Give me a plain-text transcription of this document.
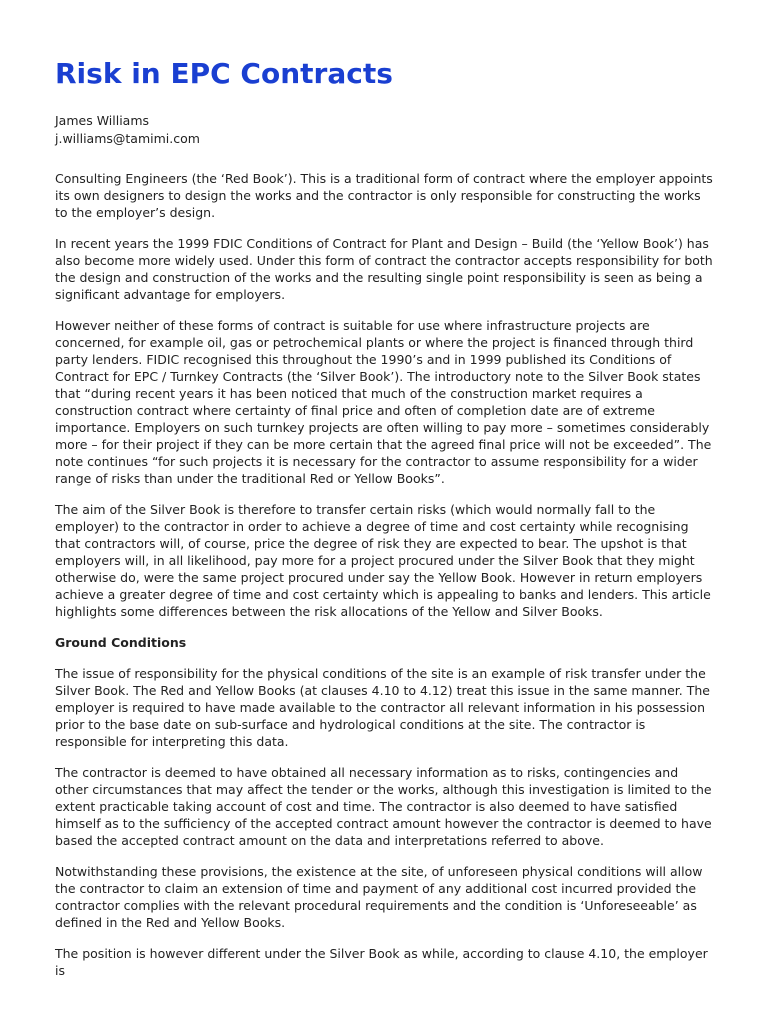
Risk in EPC Contracts
James Williams
j.williams@tamimi.com

Consulting Engineers (the ‘Red Book’). This is a traditional form of contract where the employer appoints its own designers to design the works and the contractor is only responsible for constructing the works to the employer’s design.

In recent years the 1999 FDIC Conditions of Contract for Plant and Design – Build (the ‘Yellow Book’) has also become more widely used. Under this form of contract the contractor accepts responsibility for both the design and construction of the works and the resulting single point responsibility is seen as being a significant advantage for employers.

However neither of these forms of contract is suitable for use where infrastructure projects are concerned, for example oil, gas or petrochemical plants or where the project is financed through third party lenders. FIDIC recognised this throughout the 1990’s and in 1999 published its Conditions of Contract for EPC / Turnkey Contracts (the ‘Silver Book’). The introductory note to the Silver Book states that “during recent years it has been noticed that much of the construction market requires a construction contract where certainty of final price and often of completion date are of extreme importance. Employers on such turnkey projects are often willing to pay more – sometimes considerably more – for their project if they can be more certain that the agreed final price will not be exceeded”. The note continues “for such projects it is necessary for the contractor to assume responsibility for a wider range of risks than under the traditional Red or Yellow Books”.

The aim of the Silver Book is therefore to transfer certain risks (which would normally fall to the employer) to the contractor in order to achieve a degree of time and cost certainty while recognising that contractors will, of course, price the degree of risk they are expected to bear. The upshot is that employers will, in all likelihood, pay more for a project procured under the Silver Book that they might otherwise do, were the same project procured under say the Yellow Book. However in return employers achieve a greater degree of time and cost certainty which is appealing to banks and lenders. This article highlights some differences between the risk allocations of the Yellow and Silver Books.

Ground Conditions

The issue of responsibility for the physical conditions of the site is an example of risk transfer under the Silver Book. The Red and Yellow Books (at clauses 4.10 to 4.12) treat this issue in the same manner. The employer is required to have made available to the contractor all relevant information in his possession prior to the base date on sub-surface and hydrological conditions at the site. The contractor is responsible for interpreting this data.

The contractor is deemed to have obtained all necessary information as to risks, contingencies and other circumstances that may affect the tender or the works, although this investigation is limited to the extent practicable taking account of cost and time. The contractor is also deemed to have satisfied himself as to the sufficiency of the accepted contract amount however the contractor is deemed to have based the accepted contract amount on the data and interpretations referred to above.

Notwithstanding these provisions, the existence at the site, of unforeseen physical conditions will allow the contractor to claim an extension of time and payment of any additional cost incurred provided the contractor complies with the relevant procedural requirements and the condition is ‘Unforeseeable’ as defined in the Red and Yellow Books.

The position is however different under the Silver Book as while, according to clause 4.10, the employer is
